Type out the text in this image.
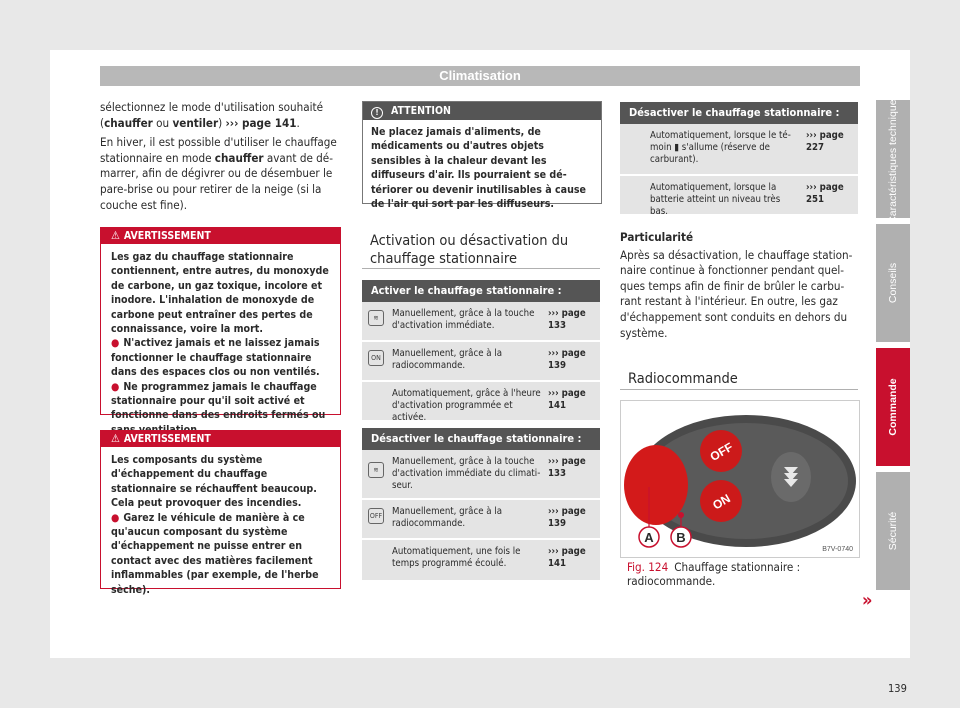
Climatisation

sélectionnez le mode d'utilisation souhaité (chauffer ou ventiler) ››› page 141.

En hiver, il est possible d'utiliser le chauffage stationnaire en mode chauffer avant de démarrer, afin de dégivrer ou de désembuer le pare-brise ou pour retirer de la neige (si la couche est fine).

⚠ AVERTISSEMENT
Les gaz du chauffage stationnaire contiennent, entre autres, du monoxyde de carbone, un gaz toxique, incolore et inodore. L'inhalation de monoxyde de carbone peut entraîner des pertes de connaissance, voire la mort.
● N'activez jamais et ne laissez jamais fonctionner le chauffage stationnaire dans des espaces clos ou non ventilés.
● Ne programmez jamais le chauffage stationnaire pour qu'il soit activé et fonctionne dans des endroits fermés ou
⚠ AVERTISSEMENT
Les composants du système d'échappement du chauffage stationnaire se réchauffent beaucoup. Cela peut provoquer des incendies.
● Garez le véhicule de manière à ce qu'aucun composant du système d'échappement ne puisse entrer en contact avec des matières facilement inflammables (par exemple, de l'herbe sèche).
! ATTENTION
Ne placez jamais d'aliments, de médicaments ou d'autres objets sensibles à la chaleur devant les diffuseurs d'air. Ils pourraient se détériorer ou devenir inutilisables à cause de l'air qui sort par les diffuseurs.
Activation ou désactivation du chauffage stationnaire
Activer le chauffage stationnaire :
≋	Manuellement, grâce à la touche d'activation immédiate.
››› page 133
ON	Manuellement, grâce à la radiocommande.
››› page 139
Automatiquement, grâce à l'heure d'activation programmée et activée.
››› page 141
Désactiver le chauffage stationnaire :
≋
Manuellement, grâce à la touche d'activation immédiate du climatiseur.
››› page 133
OFF Manuellement, grâce à la radiocommande.
››› page 139
Automatiquement, une fois le temps programmé écoulé.
››› page 141
Désactiver le chauffage stationnaire :
Automatiquement, lorsque le témoin ▮ s'allume (réserve de carburant).
››› page 227
Automatiquement, lorsque la batterie atteint un niveau très bas.
››› page 251

Particularité

Après sa désactivation, le chauffage stationnaire continue à fonctionner pendant quelques temps afin de finir de brûler le carburant restant à l'intérieur. En outre, les gaz d'échappement sont conduits en dehors du système.

Radiocommande
OFF
ON
A B
B7V-0740
Fig. 124 Chauffage stationnaire : radiocommande.
»
Caractéristiques techniques
Conseils
Commande
Sécurité
139
